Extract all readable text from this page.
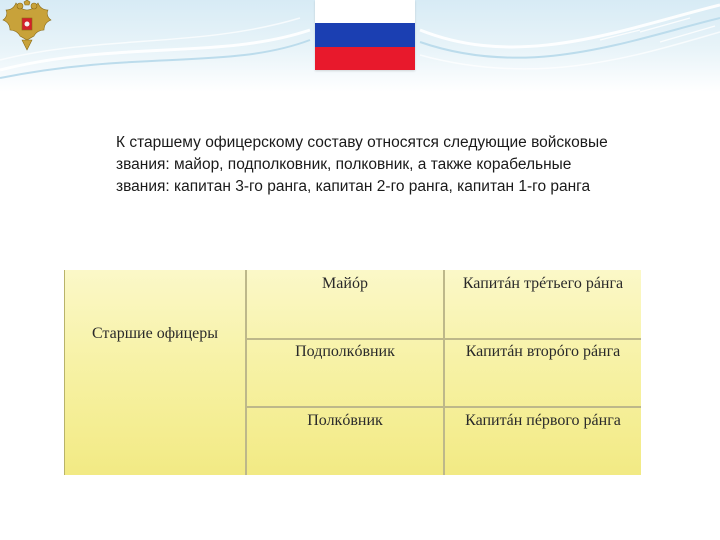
К старшему офицерскому составу относятся следующие войсковые звания: майор, подполковник, полковник, а также корабельные звания: капитан 3-го ранга, капитан 2-го ранга, капитан 1-го ранга

Старшие офицеры
Майóр	Капитáн трéтьего рáнга
Подполкóвник	Капитáн вторóго рáнга
Полкóвник	Капитáн пéрвого рáнга
